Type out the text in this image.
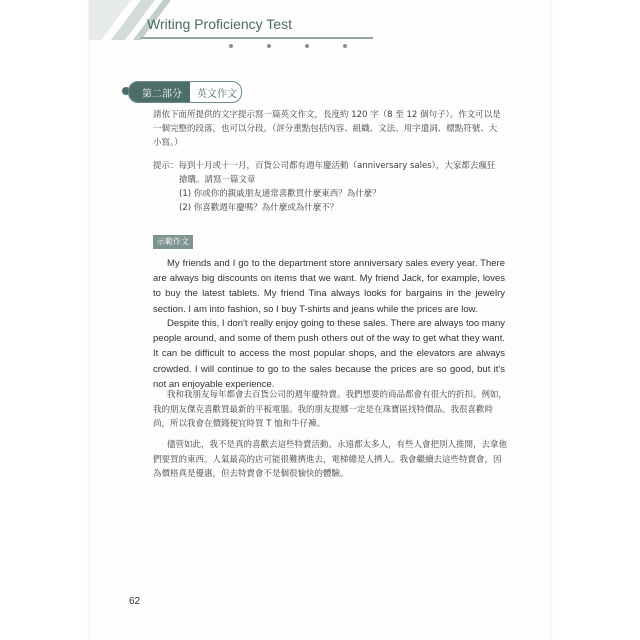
Writing Proficiency Test
第二部分	英文作文
請依下面所提供的文字提示寫一篇英文作文，長度約 120 字（8 至 12 個句子）。作文可以是
一個完整的段落，也可以分段。（評分重點包括內容、組織、文法、用字遣詞、標點符號、大
小寫。）
提示：每到十月或十一月，百貨公司都有週年慶活動（anniversary sales），大家都去瘋狂
搶購。請寫一篇文章
(1) 你或你的親戚朋友通常喜歡買什麼東西？為什麼？
(2) 你喜歡週年慶嗎？為什麼或為什麼不？
示範作文

My friends and I go to the department store anniversary sales every year. There are always big discounts on items that we want. My friend Jack, for example, loves to buy the latest tablets. My friend Tina always looks for bargains in the jewelry section. I am into fashion, so I buy T-shirts and jeans while the prices are low.

Despite this, I don't really enjoy going to these sales. There are always too many people around, and some of them push others out of the way to get what they want. It can be difficult to access the most popular shops, and the elevators are always crowded. I will continue to go to the sales because the prices are so good, but it's not an enjoyable experience.

我和我朋友每年都會去百貨公司的週年慶特賣。我們想要的商品都會有很大的折扣。例如，我的朋友傑克喜歡買最新的平板電腦。我的朋友提娜一定是在珠寶區找特價品。我很喜歡時尚，所以我會在價錢便宜時買 T 恤和牛仔褲。

儘管如此，我不是真的喜歡去這些特賣活動。永遠都太多人，有些人會把別人推開，去拿他們要買的東西。人氣最高的店可能很難擠進去，電梯總是人擠人。我會繼續去這些特賣會，因為價格真是優惠，但去特賣會不是個很愉快的體驗。

62
